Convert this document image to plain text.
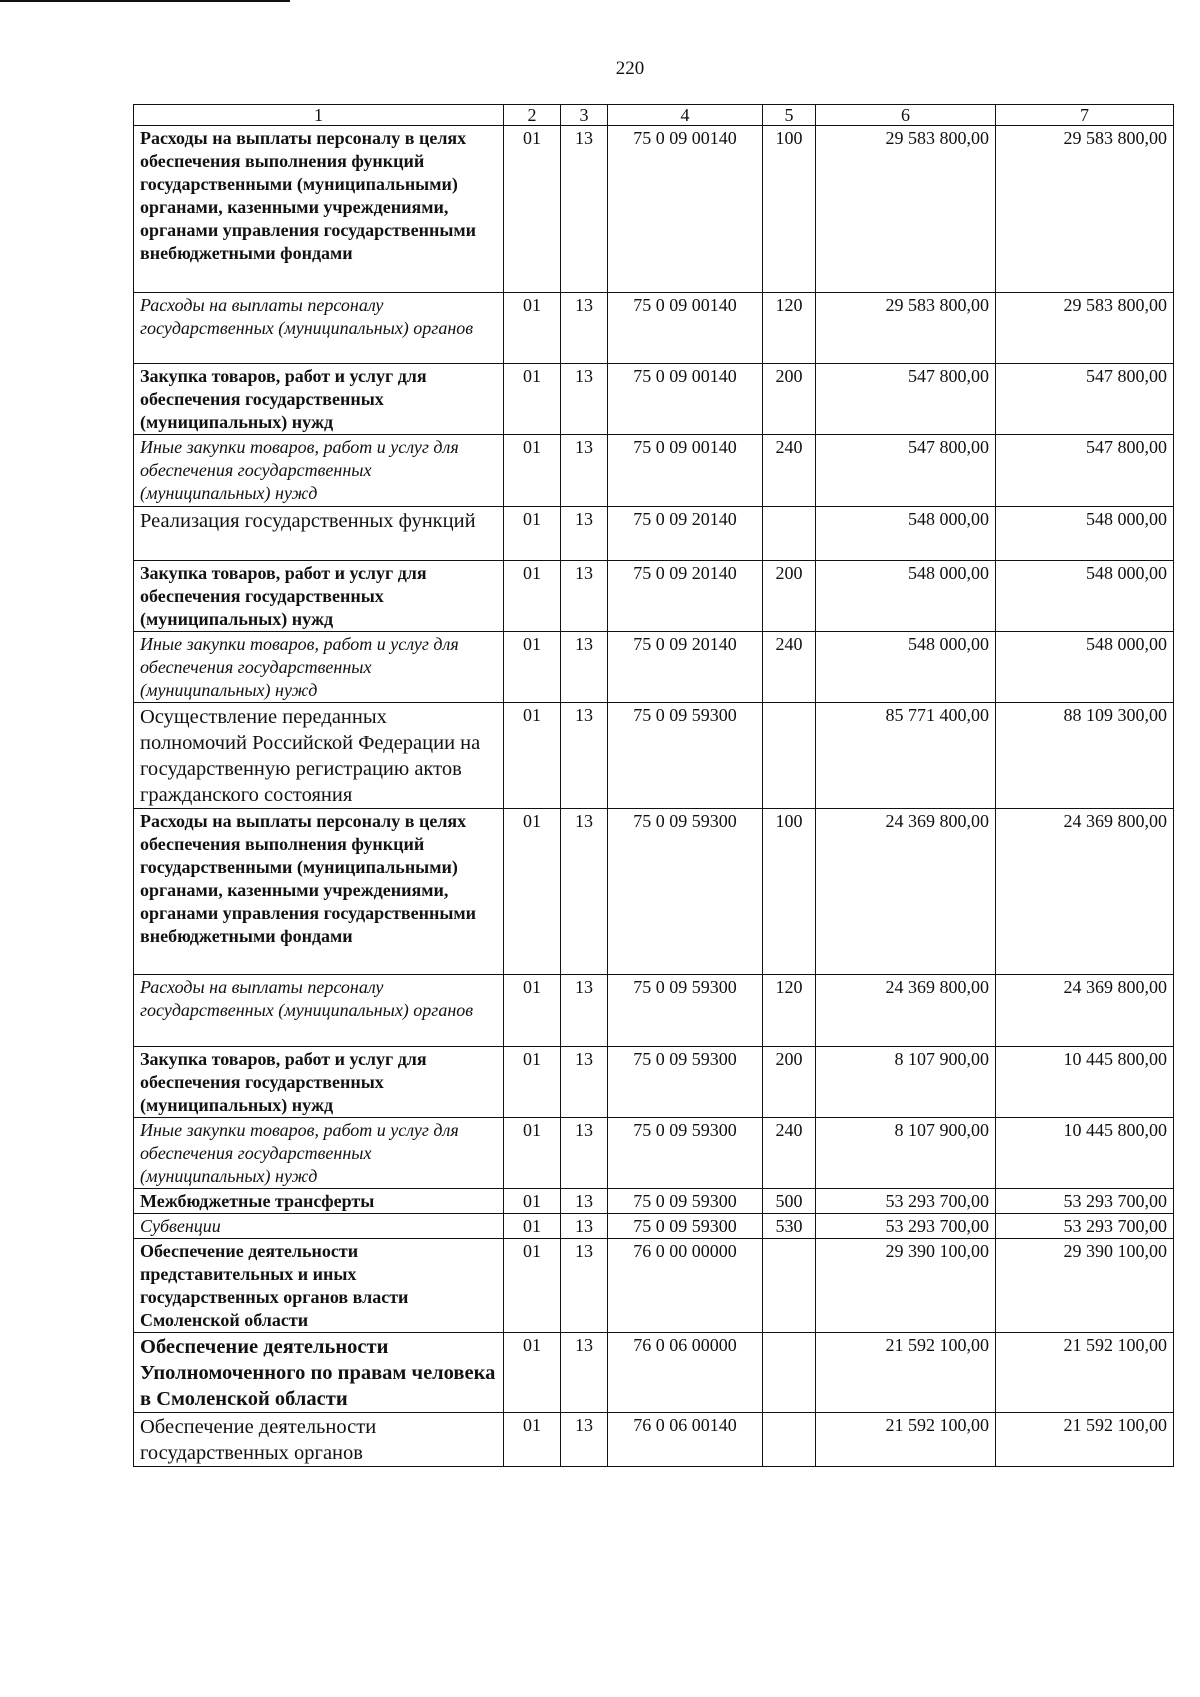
220
1	2	3	4	5	6	7
Расходы на выплаты персоналу в целях обеспечения выполнения функций государственными (муниципальными) органами, казенными учреждениями, органами управления государственными внебюджетными фондами	01	13	75 0 09 00140	100	29 583 800,00	29 583 800,00
Расходы на выплаты персоналу государственных (муниципальных) органов	01	13	75 0 09 00140	120	29 583 800,00	29 583 800,00
Закупка товаров, работ и услуг для обеспечения государственных (муниципальных) нужд	01	13	75 0 09 00140	200	547 800,00	547 800,00
Иные закупки товаров, работ и услуг для обеспечения государственных (муниципальных) нужд	01	13	75 0 09 00140	240	547 800,00	547 800,00
Реализация государственных функций	01	13	75 0 09 20140		548 000,00	548 000,00
Закупка товаров, работ и услуг для обеспечения государственных (муниципальных) нужд	01	13	75 0 09 20140	200	548 000,00	548 000,00
Иные закупки товаров, работ и услуг для обеспечения государственных (муниципальных) нужд	01	13	75 0 09 20140	240	548 000,00	548 000,00
Осуществление переданных полномочий Российской Федерации на государственную регистрацию актов гражданского состояния	01	13	75 0 09 59300		85 771 400,00	88 109 300,00
Расходы на выплаты персоналу в целях обеспечения выполнения функций государственными (муниципальными) органами, казенными учреждениями, органами управления государственными внебюджетными фондами	01	13	75 0 09 59300	100	24 369 800,00	24 369 800,00
Расходы на выплаты персоналу государственных (муниципальных) органов	01	13	75 0 09 59300	120	24 369 800,00	24 369 800,00
Закупка товаров, работ и услуг для обеспечения государственных (муниципальных) нужд	01	13	75 0 09 59300	200	8 107 900,00	10 445 800,00
Иные закупки товаров, работ и услуг для обеспечения государственных (муниципальных) нужд	01	13	75 0 09 59300	240	8 107 900,00	10 445 800,00
Межбюджетные трансферты	01	13	75 0 09 59300	500	53 293 700,00	53 293 700,00
Субвенции	01	13	75 0 09 59300	530	53 293 700,00	53 293 700,00
Обеспечение деятельности представительных и иных государственных органов власти Смоленской области	01	13	76 0 00 00000		29 390 100,00	29 390 100,00
Обеспечение деятельности Уполномоченного по правам человека в Смоленской области	01	13	76 0 06 00000		21 592 100,00	21 592 100,00
Обеспечение деятельности государственных органов	01	13	76 0 06 00140		21 592 100,00	21 592 100,00
